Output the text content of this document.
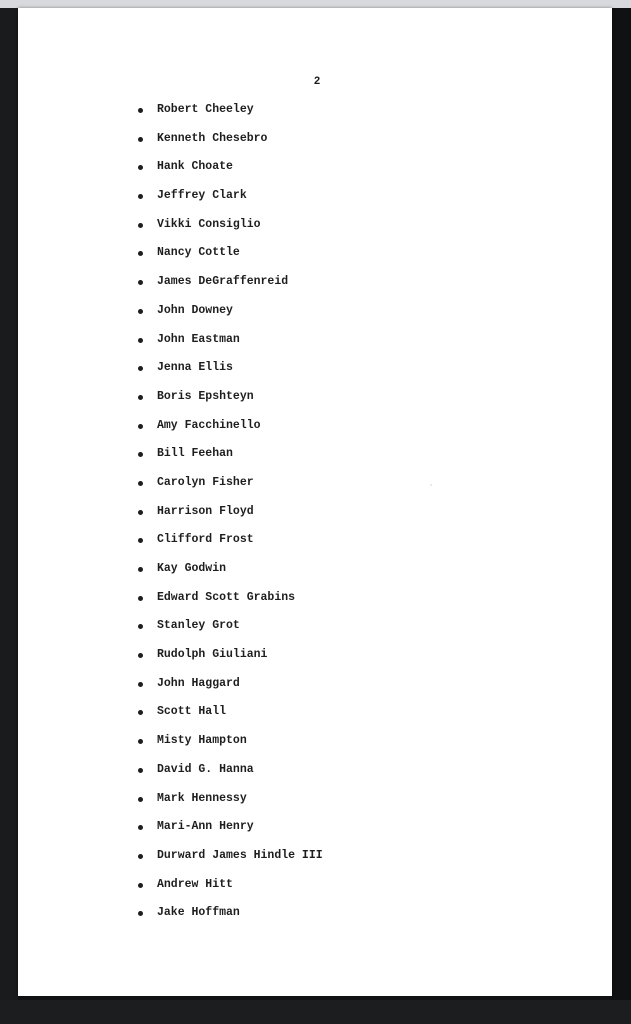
2
Robert Cheeley
Kenneth Chesebro
Hank Choate
Jeffrey Clark
Vikki Consiglio
Nancy Cottle
James DeGraffenreid
John Downey
John Eastman
Jenna Ellis
Boris Epshteyn
Amy Facchinello
Bill Feehan
Carolyn Fisher
Harrison Floyd
Clifford Frost
Kay Godwin
Edward Scott Grabins
Stanley Grot
Rudolph Giuliani
John Haggard
Scott Hall
Misty Hampton
David G. Hanna
Mark Hennessy
Mari-Ann Henry
Durward James Hindle III
Andrew Hitt
Jake Hoffman
